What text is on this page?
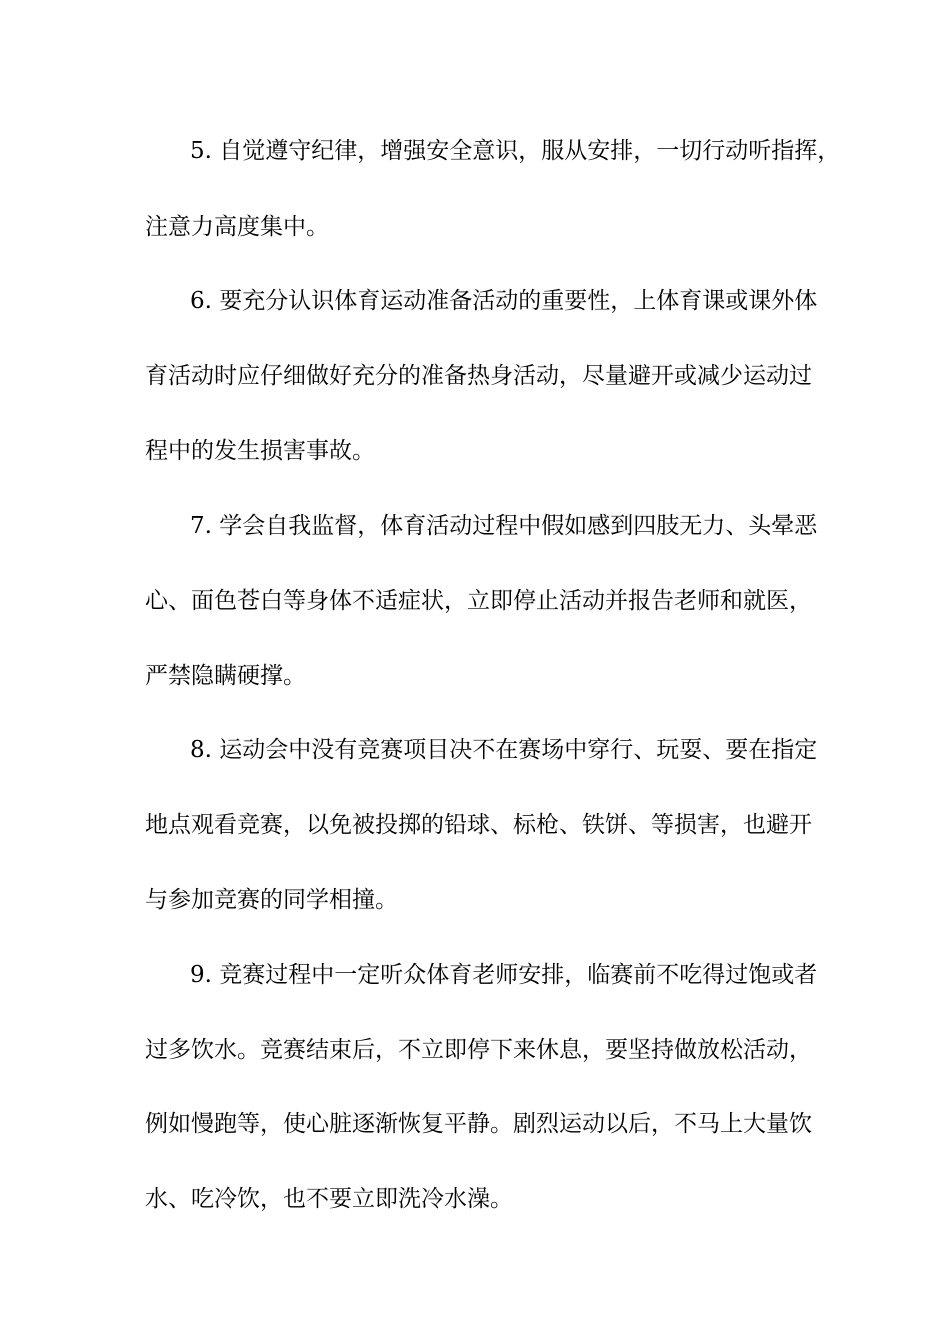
5. 自觉遵守纪律，增强安全意识，服从安排，一切行动听指挥，
注意力高度集中。
6. 要充分认识体育运动准备活动的重要性，上体育课或课外体
育活动时应仔细做好充分的准备热身活动，尽量避开或减少运动过
程中的发生损害事故。
7. 学会自我监督，体育活动过程中假如感到四肢无力、头晕恶
心、面色苍白等身体不适症状，立即停止活动并报告老师和就医，
严禁隐瞒硬撑。
8. 运动会中没有竞赛项目决不在赛场中穿行、玩耍、要在指定
地点观看竞赛，以免被投掷的铅球、标枪、铁饼、等损害，也避开
与参加竞赛的同学相撞。
9. 竞赛过程中一定听众体育老师安排，临赛前不吃得过饱或者
过多饮水。竞赛结束后，不立即停下来休息，要坚持做放松活动，
例如慢跑等，使心脏逐渐恢复平静。剧烈运动以后，不马上大量饮
水、吃冷饮，也不要立即洗冷水澡。
